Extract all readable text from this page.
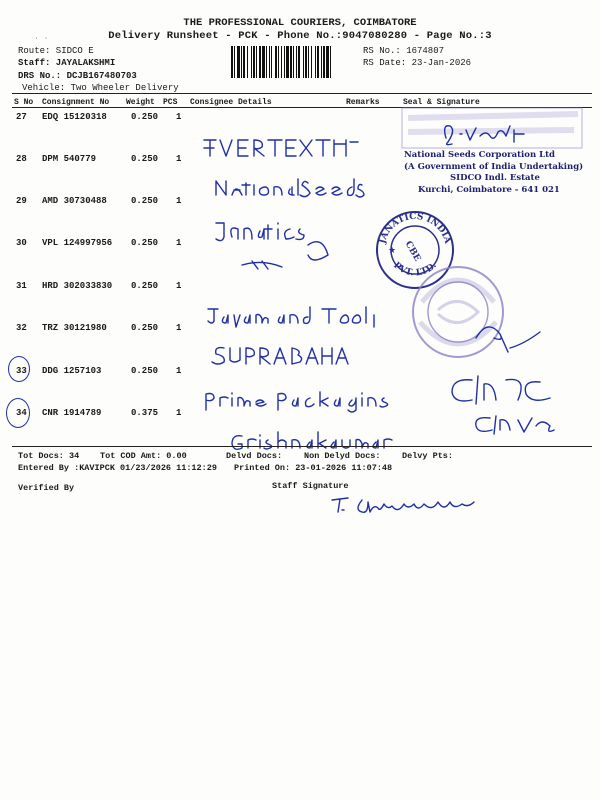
˙ ˙
THE PROFESSIONAL COURIERS, COIMBATORE
Delivery Runsheet - PCK - Phone No.:9047080280 - Page No.:3
Route: SIDCO E
Staff: JAYALAKSHMI
DRS No.: DCJB167480703
Vehicle: Two Wheeler Delivery
RS No.: 1674807
RS Date: 23-Jan-2026
S No Consignment No Weight PCS Consignee Details	Remarks	Seal & Signature
27 EDQ 15120318	0.250 1
28 DPM 540779	0.250 1
29 AMD 30730488	0.250 1
30 VPL 124997956 0.250 1
31 HRD 302033830 0.250 1
32 TRZ 30121980	0.250 1
33 DDG 1257103	0.250 1
34 CNR 1914789	0.375 1
National Seeds Corporation Ltd
(A Government of India Undertaking)
SIDCO Indl. Estate
Kurchi, Coimbatore - 641 021
JANATICS INDIA
PVT. LTD.
CBE
★
Tot Docs: 34 Tot COD Amt: 0.00	Delvd Docs:	Non Delyd Docs:	Delvy Pts:
Entered By :KAVIPCK 01/23/2026 11:12:29 Printed On: 23-01-2026 11:07:48
Verified By	Staff Signature
